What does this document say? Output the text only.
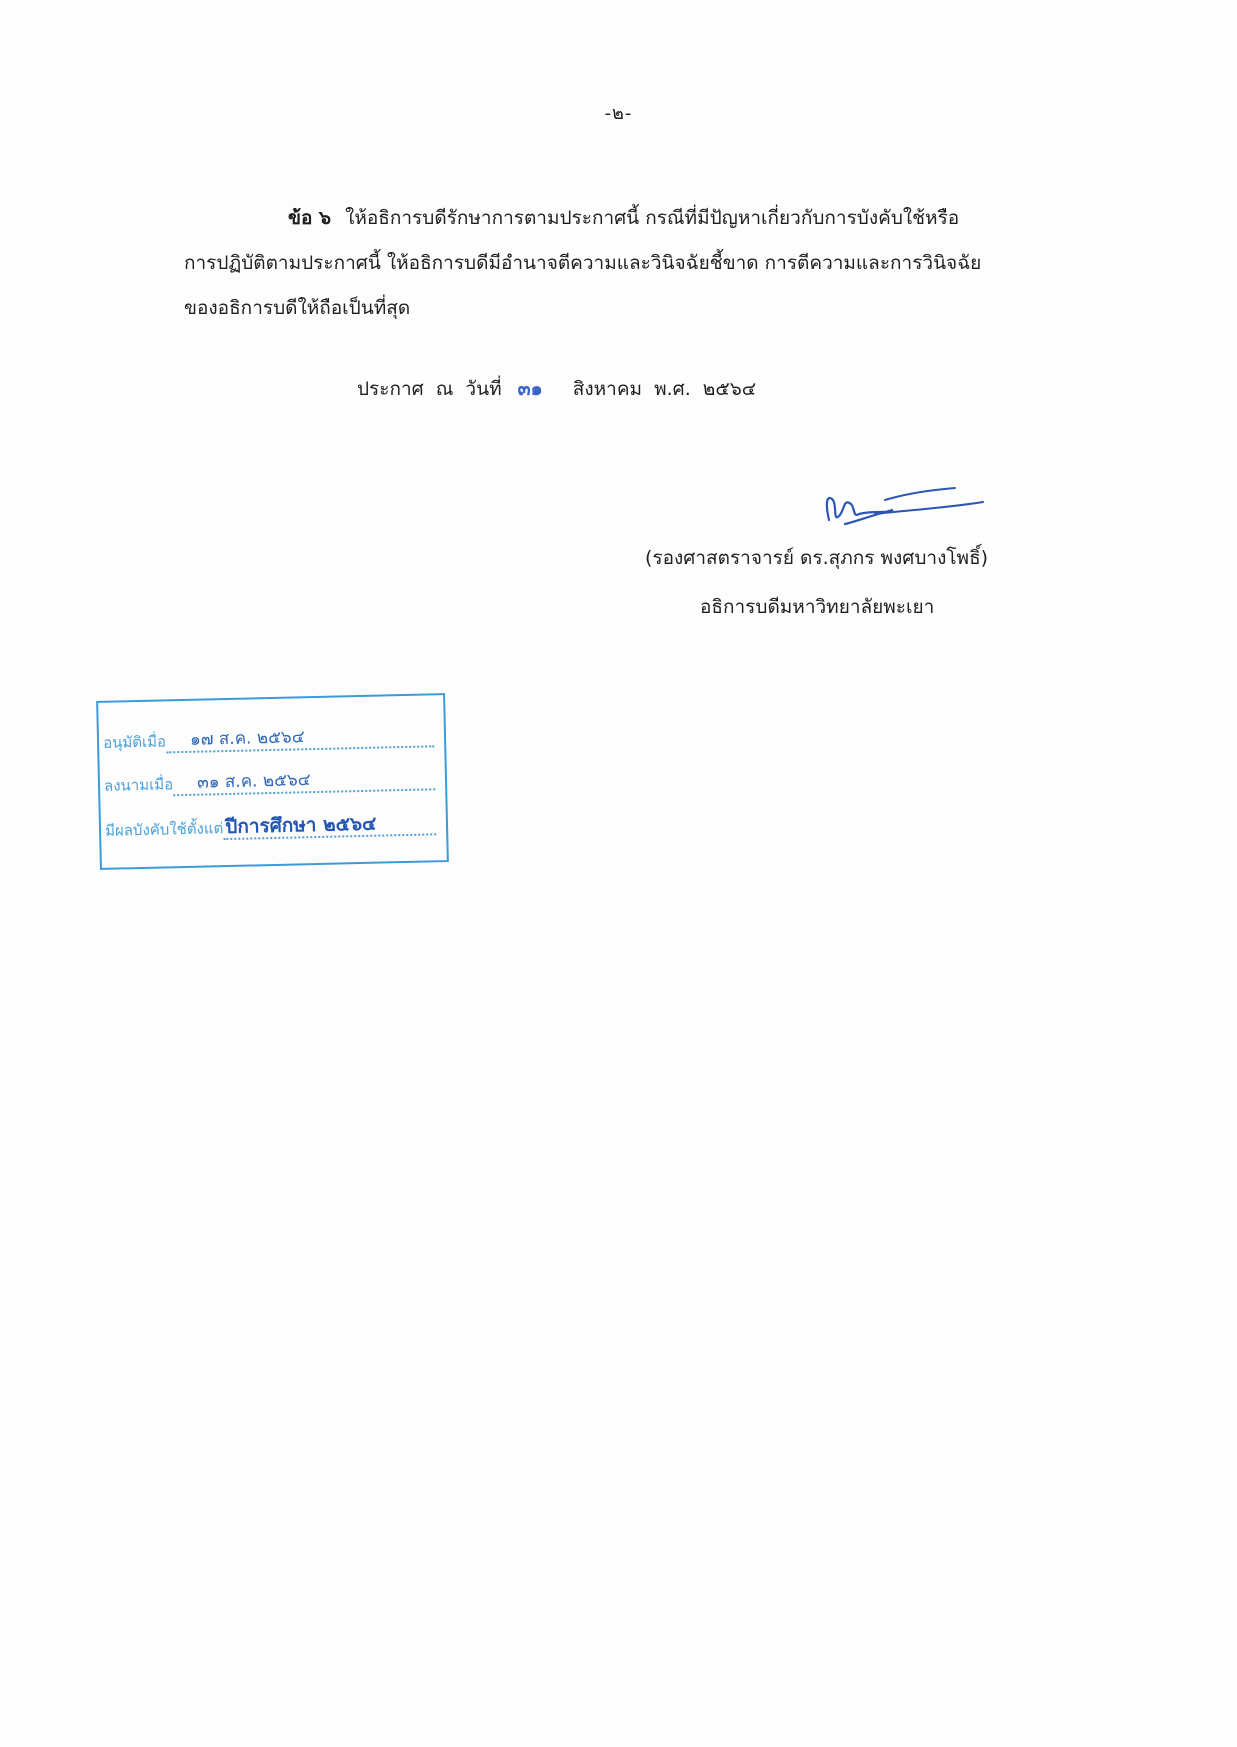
-๒-
ข้อ ๖ ให้อธิการบดีรักษาการตามประกาศนี้ กรณีที่มีปัญหาเกี่ยวกับการบังคับใช้หรือ
การปฏิบัติตามประกาศนี้ ให้อธิการบดีมีอำนาจตีความและวินิจฉัยชี้ขาด การตีความและการวินิจฉัย
ของอธิการบดีให้ถือเป็นที่สุด
ประกาศ ณ วันที่ ๓๑ สิงหาคม พ.ศ. ๒๕๖๔
(รองศาสตราจารย์ ดร.สุภกร พงศบางโพธิ์)
อธิการบดีมหาวิทยาลัยพะเยา
อนุมัติเมื่อ	๑๗ ส.ค. ๒๕๖๔
ลงนามเมื่อ	๓๑ ส.ค. ๒๕๖๔
มีผลบังคับใช้ตั้งแต่ ปีการศึกษา ๒๕๖๔
